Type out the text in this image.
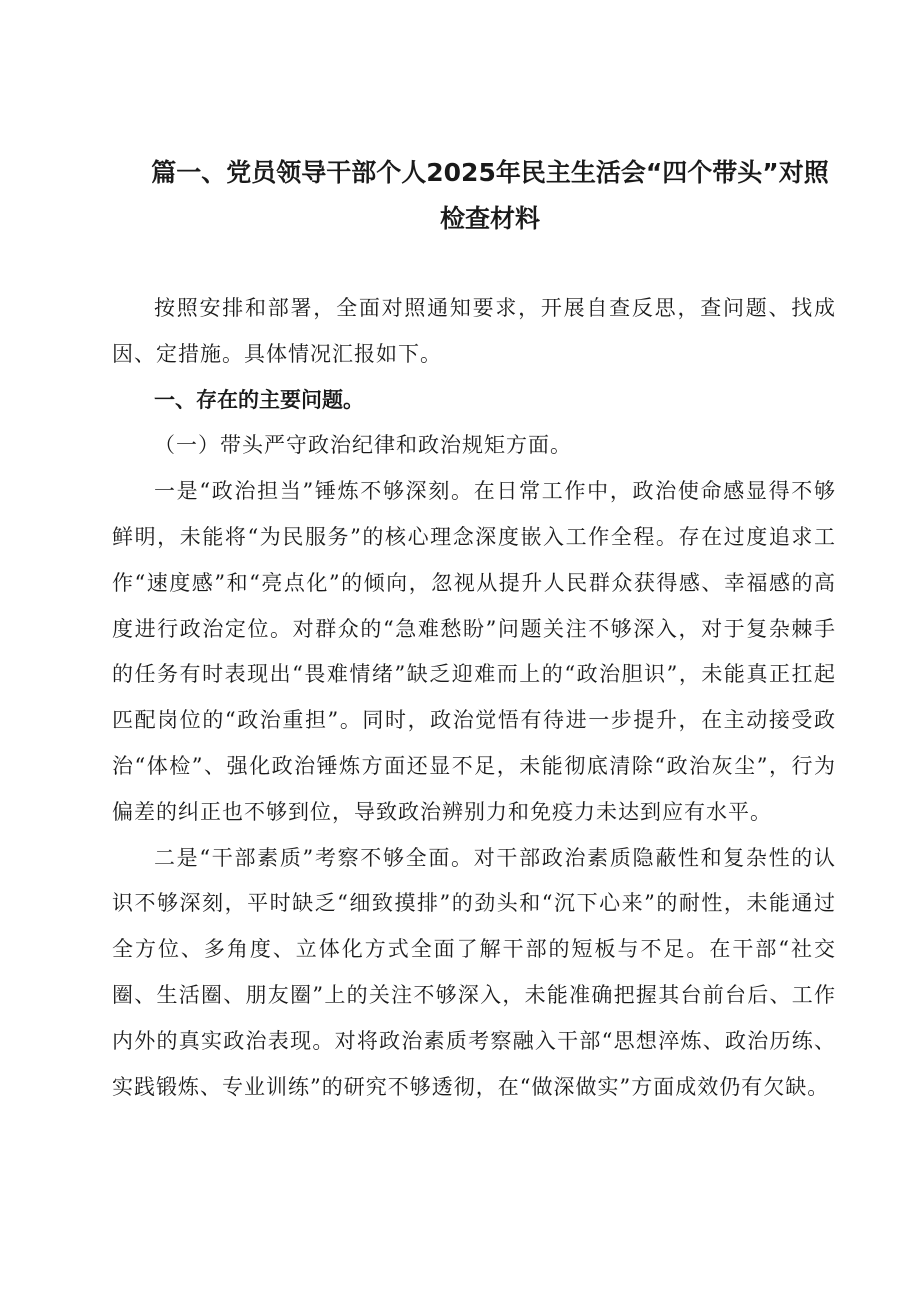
篇一、党员领导干部个人2025年民主生活会“四个带头”对照检查材料

按照安排和部署，全面对照通知要求，开展自查反思，查问题、找成因、定措施。具体情况汇报如下。

一、存在的主要问题。

（一）带头严守政治纪律和政治规矩方面。

一是“政治担当”锤炼不够深刻。在日常工作中，政治使命感显得不够鲜明，未能将“为民服务”的核心理念深度嵌入工作全程。存在过度追求工作“速度感”和“亮点化”的倾向，忽视从提升人民群众获得感、幸福感的高度进行政治定位。对群众的“急难愁盼”问题关注不够深入，对于复杂棘手的任务有时表现出“畏难情绪”缺乏迎难而上的“政治胆识”，未能真正扛起匹配岗位的“政治重担”。同时，政治觉悟有待进一步提升，在主动接受政治“体检”、强化政治锤炼方面还显不足，未能彻底清除“政治灰尘”，行为偏差的纠正也不够到位，导致政治辨别力和免疫力未达到应有水平。

二是“干部素质”考察不够全面。对干部政治素质隐蔽性和复杂性的认识不够深刻，平时缺乏“细致摸排”的劲头和“沉下心来”的耐性，未能通过全方位、多角度、立体化方式全面了解干部的短板与不足。在干部“社交圈、生活圈、朋友圈”上的关注不够深入，未能准确把握其台前台后、工作内外的真实政治表现。对将政治素质考察融入干部“思想淬炼、政治历练、实践锻炼、专业训练”的研究不够透彻，在“做深做实”方面成效仍有欠缺。
